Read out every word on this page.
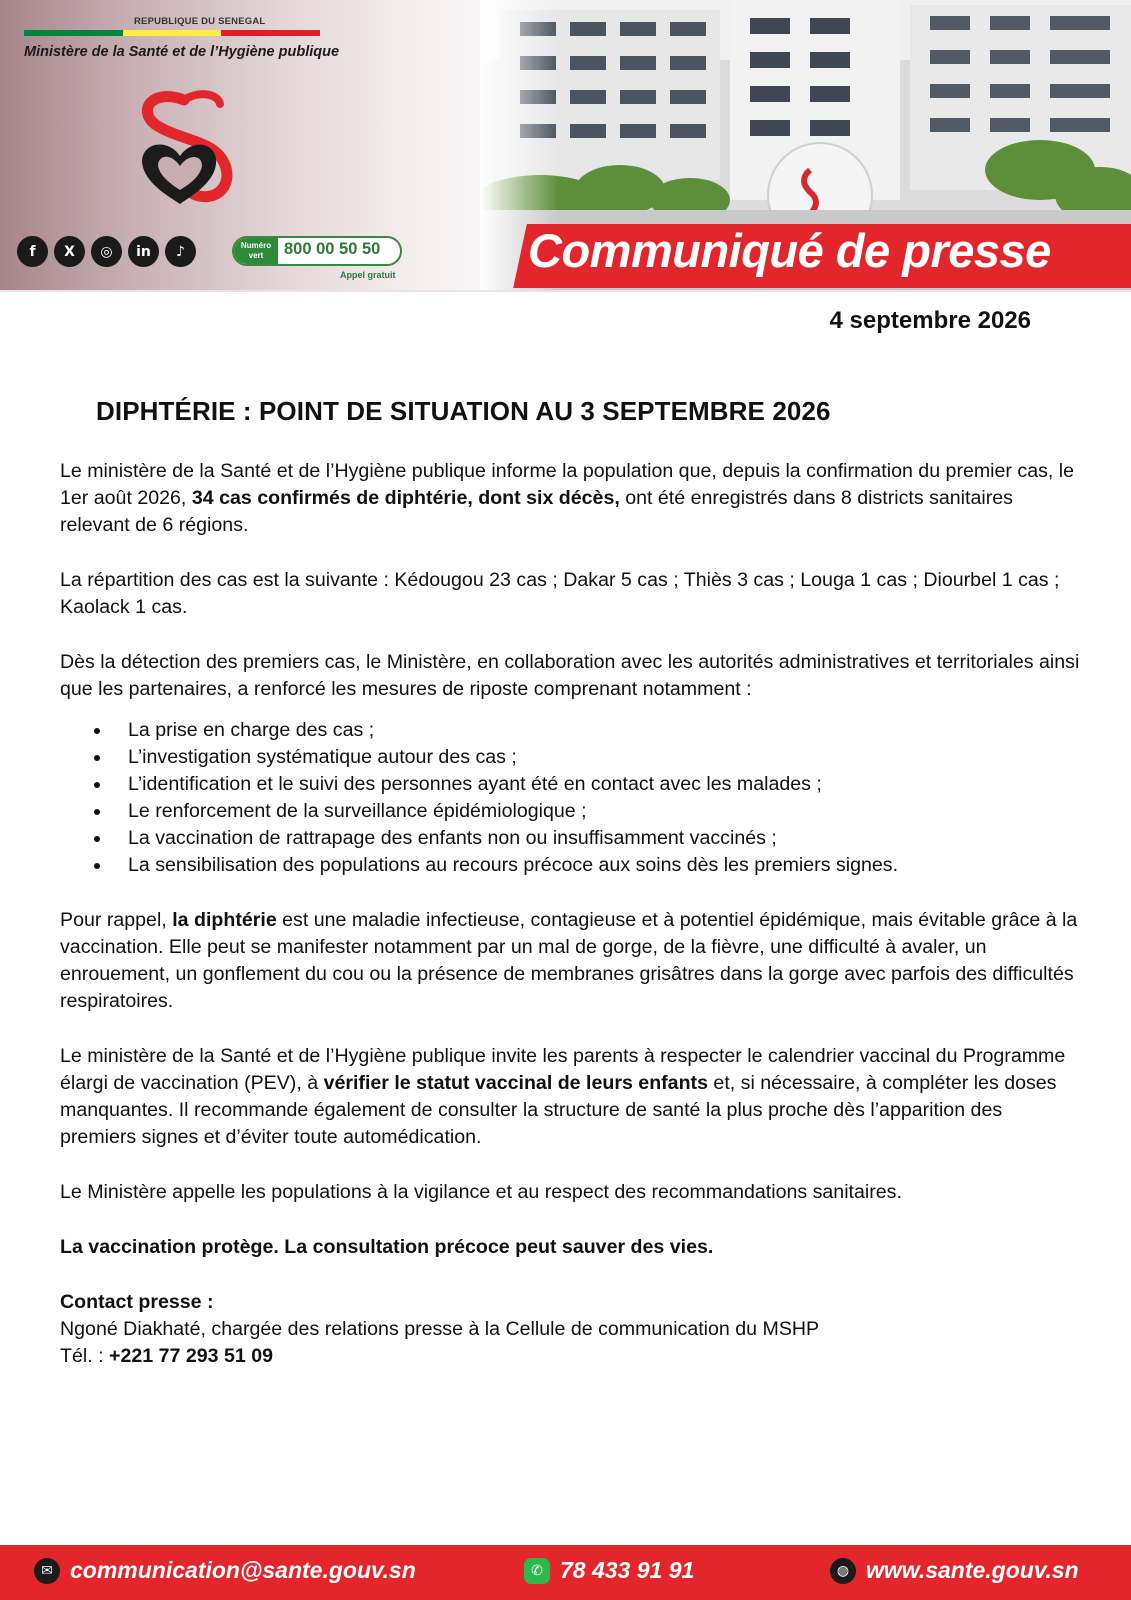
REPUBLIQUE DU SENEGAL
Ministère de la Santé et de l’Hygiène publique
f	X	◎	in	♪	Numéro vert	800 00 50 50
Appel gratuit	Communiqué de presse
4 septembre 2026
DIPHTÉRIE : POINT DE SITUATION AU 3 SEPTEMBRE 2026

Le ministère de la Santé et de l’Hygiène publique informe la population que, depuis la confirmation du premier cas, le 1er août 2026, 34 cas confirmés de diphtérie, dont six décès, ont été enregistrés dans 8 districts sanitaires relevant de 6 régions.

La répartition des cas est la suivante : Kédougou 23 cas ; Dakar 5 cas ; Thiès 3 cas ; Louga 1 cas ; Diourbel 1 cas ; Kaolack 1 cas.

Dès la détection des premiers cas, le Ministère, en collaboration avec les autorités administratives et territoriales ainsi que les partenaires, a renforcé les mesures de riposte comprenant notamment :

La prise en charge des cas ;
L’investigation systématique autour des cas ;
L’identification et le suivi des personnes ayant été en contact avec les malades ;
Le renforcement de la surveillance épidémiologique ;
La vaccination de rattrapage des enfants non ou insuffisamment vaccinés ;
La sensibilisation des populations au recours précoce aux soins dès les premiers signes.

Pour rappel, la diphtérie est une maladie infectieuse, contagieuse et à potentiel épidémique, mais évitable grâce à la vaccination. Elle peut se manifester notamment par un mal de gorge, de la fièvre, une difficulté à avaler, un enrouement, un gonflement du cou ou la présence de membranes grisâtres dans la gorge avec parfois des difficultés respiratoires.

Le ministère de la Santé et de l’Hygiène publique invite les parents à respecter le calendrier vaccinal du Programme élargi de vaccination (PEV), à vérifier le statut vaccinal de leurs enfants et, si nécessaire, à compléter les doses manquantes. Il recommande également de consulter la structure de santé la plus proche dès l’apparition des premiers signes et d’éviter toute automédication.

Le Ministère appelle les populations à la vigilance et au respect des recommandations sanitaires.

La vaccination protège. La consultation précoce peut sauver des vies.

Contact presse :

Ngoné Diakhaté, chargée des relations presse à la Cellule de communication du MSHP

Tél. : +221 77 293 51 09

✉ communication@sante.gouv.sn	✆ 78 433 91 91	◍ www.sante.gouv.sn
